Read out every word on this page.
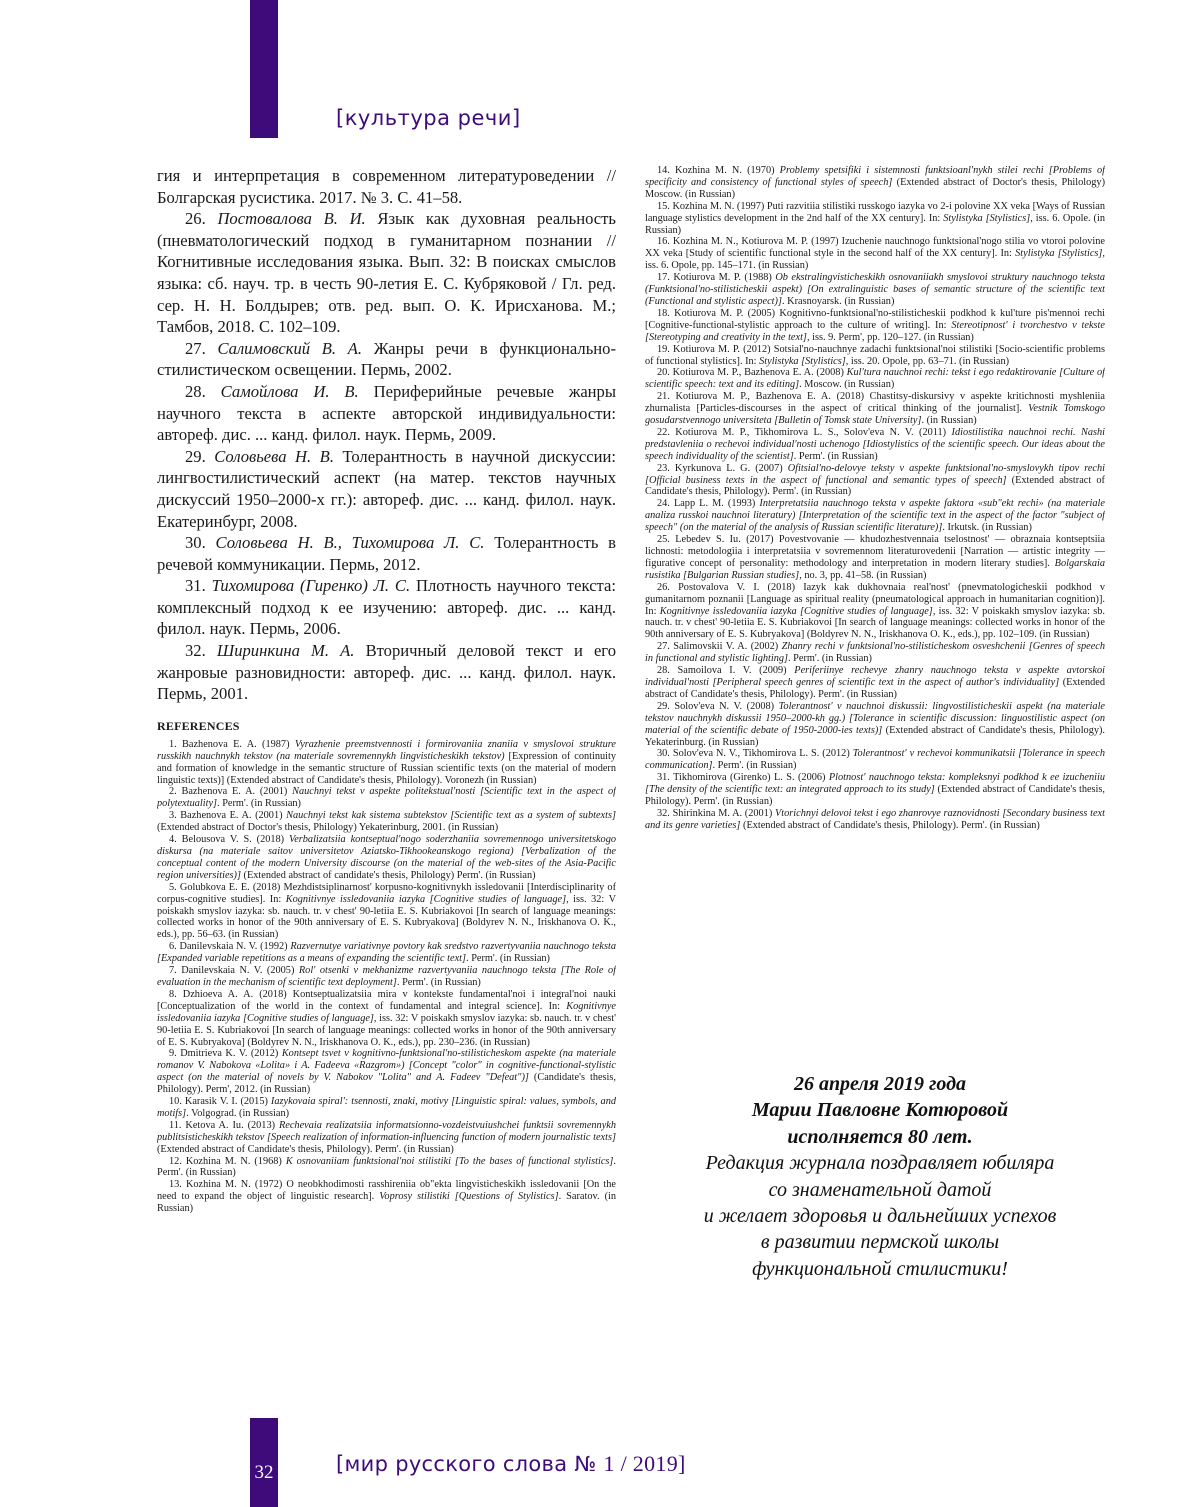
[культура речи]

гия и интерпретация в современном литературоведении // Болгарская русистика. 2017. № 3. С. 41–58.

26. Постовалова В. И. Язык как духовная реальность (пневматологический подход в гуманитарном познании // Когнитивные исследования языка. Вып. 32: В поисках смыслов языка: сб. науч. тр. в честь 90-летия Е. С. Кубряковой / Гл. ред. сер. Н. Н. Болдырев; отв. ред. вып. О. К. Ирисханова. М.; Тамбов, 2018. С. 102–109.

27. Салимовский В. А. Жанры речи в функционально-стилистическом освещении. Пермь, 2002.

28. Самойлова И. В. Периферийные речевые жанры научного текста в аспекте авторской индивидуальности: автореф. дис. ... канд. филол. наук. Пермь, 2009.

29. Соловьева Н. В. Толерантность в научной дискуссии: лингвостилистический аспект (на матер. текстов научных дискуссий 1950–2000-х гг.): автореф. дис. ... канд. филол. наук. Екатеринбург, 2008.

30. Соловьева Н. В., Тихомирова Л. С. Толерантность в речевой коммуникации. Пермь, 2012.

31. Тихомирова (Гиренко) Л. С. Плотность научного текста: комплексный подход к ее изучению: автореф. дис. ... канд. филол. наук. Пермь, 2006.

32. Ширинкина М. А. Вторичный деловой текст и его жанровые разновидности: автореф. дис. ... канд. филол. наук. Пермь, 2001.

REFERENCES

1. Bazhenova E. A. (1987) Vyrazhenie preemstvennosti i formirovaniia znaniia v smyslovoi strukture russkikh nauchnykh tekstov (na materiale sovremennykh lingvisticheskikh tekstov) [Expression of continuity and formation of knowledge in the semantic structure of Russian scientific texts (on the material of modern linguistic texts)] (Extended abstract of Candidate's thesis, Philology). Voronezh (in Russian)

2. Bazhenova E. A. (2001) Nauchnyi tekst v aspekte politekstual'nosti [Scientific text in the aspect of polytextuality]. Perm'. (in Russian)

3. Bazhenova E. A. (2001) Nauchnyi tekst kak sistema subtekstov [Scientific text as a system of subtexts] (Extended abstract of Doctor's thesis, Philology) Yekaterinburg, 2001. (in Russian)

4. Belousova V. S. (2018) Verbalizatsiia kontseptual'nogo soderzhaniia sovremennogo universitetskogo diskursa (na materiale saitov universitetov Aziatsko-Tikhookeanskogo regiona) [Verbalization of the conceptual content of the modern University discourse (on the material of the web-sites of the Asia-Pacific region universities)] (Extended abstract of candidate's thesis, Philology) Perm'. (in Russian)

5. Golubkova E. E. (2018) Mezhdistsiplinarnost' korpusno-kognitivnykh issledovanii [Interdisciplinarity of corpus-cognitive studies]. In: Kognitivnye issledovaniia iazyka [Cognitive studies of language], iss. 32: V poiskakh smyslov iazyka: sb. nauch. tr. v chest' 90-letiia E. S. Kubriakovoi [In search of language meanings: collected works in honor of the 90th anniversary of E. S. Kubryakova] (Boldyrev N. N., Iriskhanova O. K., eds.), pp. 56–63. (in Russian)

6. Danilevskaia N. V. (1992) Razvernutye variativnye povtory kak sredstvo razvertyvaniia nauchnogo teksta [Expanded variable repetitions as a means of expanding the scientific text]. Perm'. (in Russian)

7. Danilevskaia N. V. (2005) Rol' otsenki v mekhanizme razvertyvaniia nauchnogo teksta [The Role of evaluation in the mechanism of scientific text deployment]. Perm'. (in Russian)

8. Dzhioeva A. A. (2018) Kontseptualizatsiia mira v kontekste fundamental'noi i integral'noi nauki [Conceptualization of the world in the context of fundamental and integral science]. In: Kognitivnye issledovaniia iazyka [Cognitive studies of language], iss. 32: V poiskakh smyslov iazyka: sb. nauch. tr. v chest' 90-letiia E. S. Kubriakovoi [In search of language meanings: collected works in honor of the 90th anniversary of E. S. Kubryakova] (Boldyrev N. N., Iriskhanova O. K., eds.), pp. 230–236. (in Russian)

9. Dmitrieva K. V. (2012) Kontsept tsvet v kognitivno-funktsional'no-stilisticheskom aspekte (na materiale romanov V. Nabokova «Lolita» i A. Fadeeva «Razgrom») [Concept "color" in cognitive-functional-stylistic aspect (on the material of novels by V. Nabokov "Lolita" and A. Fadeev "Defeat")] (Candidate's thesis, Philology). Perm', 2012. (in Russian)

10. Karasik V. I. (2015) Iazykovaia spiral': tsennosti, znaki, motivy [Linguistic spiral: values, symbols, and motifs]. Volgograd. (in Russian)

11. Ketova A. Iu. (2013) Rechevaia realizatsiia informatsionno-vozdeistvuiushchei funktsii sovremennykh publitsisticheskikh tekstov [Speech realization of information-influencing function of modern journalistic texts] (Extended abstract of Candidate's thesis, Philology). Perm'. (in Russian)

12. Kozhina M. N. (1968) K osnovaniiam funktsional'noi stilistiki [To the bases of functional stylistics]. Perm'. (in Russian)

13. Kozhina M. N. (1972) O neobkhodimosti rasshireniia ob"ekta lingvisticheskikh issledovanii [On the need to expand the object of linguistic research]. Voprosy stilistiki [Questions of Stylistics]. Saratov. (in Russian)

14. Kozhina M. N. (1970) Problemy spetsifiki i sistemnosti funktsioanl'nykh stilei rechi [Problems of specificity and consistency of functional styles of speech] (Extended abstract of Doctor's thesis, Philology) Moscow. (in Russian)

15. Kozhina M. N. (1997) Puti razvitiia stilistiki russkogo iazyka vo 2-i polovine XX veka [Ways of Russian language stylistics development in the 2nd half of the XX century]. In: Stylistyka [Stylistics], iss. 6. Opole. (in Russian)

16. Kozhina M. N., Kotiurova M. P. (1997) Izuchenie nauchnogo funktsional'nogo stilia vo vtoroi polovine XX veka [Study of scientific functional style in the second half of the XX century]. In: Stylistyka [Stylistics], iss. 6. Opole, pp. 145–171. (in Russian)

17. Kotiurova M. P. (1988) Ob ekstralingvisticheskikh osnovaniiakh smyslovoi struktury nauchnogo teksta (Funktsional'no-stilisticheskii aspekt) [On extralinguistic bases of semantic structure of the scientific text (Functional and stylistic aspect)]. Krasnoyarsk. (in Russian)

18. Kotiurova M. P. (2005) Kognitivno-funktsional'no-stilisticheskii podkhod k kul'ture pis'mennoi rechi [Cognitive-functional-stylistic approach to the culture of writing]. In: Stereotipnost' i tvorchestvo v tekste [Stereotyping and creativity in the text], iss. 9. Perm', pp. 120–127. (in Russian)

19. Kotiurova M. P. (2012) Sotsial'no-nauchnye zadachi funktsional'noi stilistiki [Socio-scientific problems of functional stylistics]. In: Stylistyka [Stylistics], iss. 20. Opole, pp. 63–71. (in Russian)

20. Kotiurova M. P., Bazhenova E. A. (2008) Kul'tura nauchnoi rechi: tekst i ego redaktirovanie [Culture of scientific speech: text and its editing]. Moscow. (in Russian)

21. Kotiurova M. P., Bazhenova E. A. (2018) Chastitsy-diskursivy v aspekte kritichnosti myshleniia zhurnalista [Particles-discourses in the aspect of critical thinking of the journalist]. Vestnik Tomskogo gosudarstvennogo universiteta [Bulletin of Tomsk state University]. (in Russian)

22. Kotiurova M. P., Tikhomirova L. S., Solov'eva N. V. (2011) Idiostilistika nauchnoi rechi. Nashi predstavleniia o rechevoi individual'nosti uchenogo [Idiostylistics of the scientific speech. Our ideas about the speech individuality of the scientist]. Perm'. (in Russian)

23. Kyrkunova L. G. (2007) Ofitsial'no-delovye teksty v aspekte funktsional'no-smyslovykh tipov rechi [Official business texts in the aspect of functional and semantic types of speech] (Extended abstract of Candidate's thesis, Philology). Perm'. (in Russian)

24. Lapp L. M. (1993) Interpretatsiia nauchnogo teksta v aspekte faktora «sub"ekt rechi» (na materiale analiza russkoi nauchnoi literatury) [Interpretation of the scientific text in the aspect of the factor "subject of speech" (on the material of the analysis of Russian scientific literature)]. Irkutsk. (in Russian)

25. Lebedev S. Iu. (2017) Povestvovanie — khudozhestvennaia tselostnost' — obraznaia kontseptsiia lichnosti: metodologiia i interpretatsiia v sovremennom literaturovedenii [Narration — artistic integrity — figurative concept of personality: methodology and interpretation in modern literary studies]. Bolgarskaia rusistika [Bulgarian Russian studies], no. 3, pp. 41–58. (in Russian)

26. Postovalova V. I. (2018) Iazyk kak dukhovnaia real'nost' (pnevmatologicheskii podkhod v gumanitarnom poznanii [Language as spiritual reality (pneumatological approach in humanitarian cognition)]. In: Kognitivnye issledovaniia iazyka [Cognitive studies of language], iss. 32: V poiskakh smyslov iazyka: sb. nauch. tr. v chest' 90-letiia E. S. Kubriakovoi [In search of language meanings: collected works in honor of the 90th anniversary of E. S. Kubryakova] (Boldyrev N. N., Iriskhanova O. K., eds.), pp. 102–109. (in Russian)

27. Salimovskii V. A. (2002) Zhanry rechi v funktsional'no-stilisticheskom osveshchenii [Genres of speech in functional and stylistic lighting]. Perm'. (in Russian)

28. Samoilova I. V. (2009) Periferiinye rechevye zhanry nauchnogo teksta v aspekte avtorskoi individual'nosti [Peripheral speech genres of scientific text in the aspect of author's individuality] (Extended abstract of Candidate's thesis, Philology). Perm'. (in Russian)

29. Solov'eva N. V. (2008) Tolerantnost' v nauchnoi diskussii: lingvostilisticheskii aspekt (na materiale tekstov nauchnykh diskussii 1950–2000-kh gg.) [Tolerance in scientific discussion: linguostilistic aspect (on material of the scientific debate of 1950-2000-ies texts)] (Extended abstract of Candidate's thesis, Philology). Yekaterinburg. (in Russian)

30. Solov'eva N. V., Tikhomirova L. S. (2012) Tolerantnost' v rechevoi kommunikatsii [Tolerance in speech communication]. Perm'. (in Russian)

31. Tikhomirova (Girenko) L. S. (2006) Plotnost' nauchnogo teksta: kompleksnyi podkhod k ee izucheniiu [The density of the scientific text: an integrated approach to its study] (Extended abstract of Candidate's thesis, Philology). Perm'. (in Russian)

32. Shirinkina M. A. (2001) Vtorichnyi delovoi tekst i ego zhanrovye raznovidnosti [Secondary business text and its genre varieties] (Extended abstract of Candidate's thesis, Philology). Perm'. (in Russian)

26 апреля 2019 года

Марии Павловне Котюровой

исполняется 80 лет.

Редакция журнала поздравляет юбиляра

со знаменательной датой

и желает здоровья и дальнейших успехов

в развитии пермской школы

функциональной стилистики!

32	[мир русского слова № 1 / 2019]
